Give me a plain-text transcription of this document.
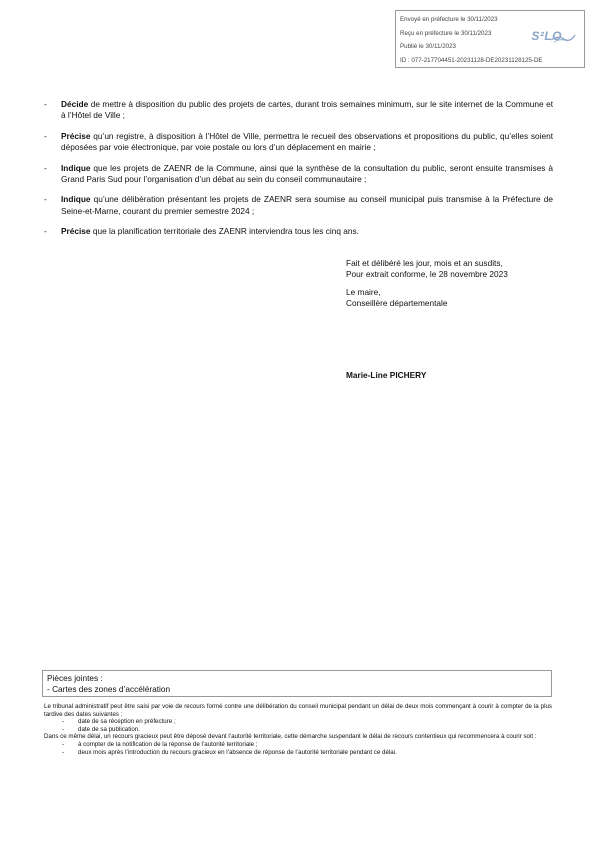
Envoyé en préfecture le 30/11/2023
Reçu en préfecture le 30/11/2023
Publié le 30/11/2023
ID : 077-217704451-20231128-DE20231128125-DE
S²LO
- Décide de mettre à disposition du public des projets de cartes, durant trois semaines minimum, sur le site internet de la Commune et à l’Hôtel de Ville ;
- Précise qu’un registre, à disposition à l’Hôtel de Ville, permettra le recueil des observations et propositions du public, qu’elles soient déposées par voie électronique, par voie postale ou lors d’un déplacement en mairie ;
- Indique que les projets de ZAENR de la Commune, ainsi que la synthèse de la consultation du public, seront ensuite transmises à Grand Paris Sud pour l’organisation d’un débat au sein du conseil communautaire ;
- Indique qu’une délibération présentant les projets de ZAENR sera soumise au conseil municipal puis transmise à la Préfecture de Seine-et-Marne, courant du premier semestre 2024 ;
- Précise que la planification territoriale des ZAENR interviendra tous les cinq ans.
Fait et délibéré les jour, mois et an susdits,
Pour extrait conforme, le 28 novembre 2023
Le maire,
Conseillère départementale
Marie-Line PICHERY
Pièces jointes :
- Cartes des zones d’accélération
Le tribunal administratif peut être saisi par voie de recours formé contre une délibération du conseil municipal pendant un délai de deux mois commençant à courir à compter de la plus tardive des dates suivantes :
- date de sa réception en préfecture ;
- date de sa publication.
Dans ce même délai, un recours gracieux peut être déposé devant l’autorité territoriale, cette démarche suspendant le délai de recours contentieux qui recommencera à courir soit :
- à compter de la notification de la réponse de l’autorité territoriale ;
- deux mois après l’introduction du recours gracieux en l’absence de réponse de l’autorité territoriale pendant ce délai.
